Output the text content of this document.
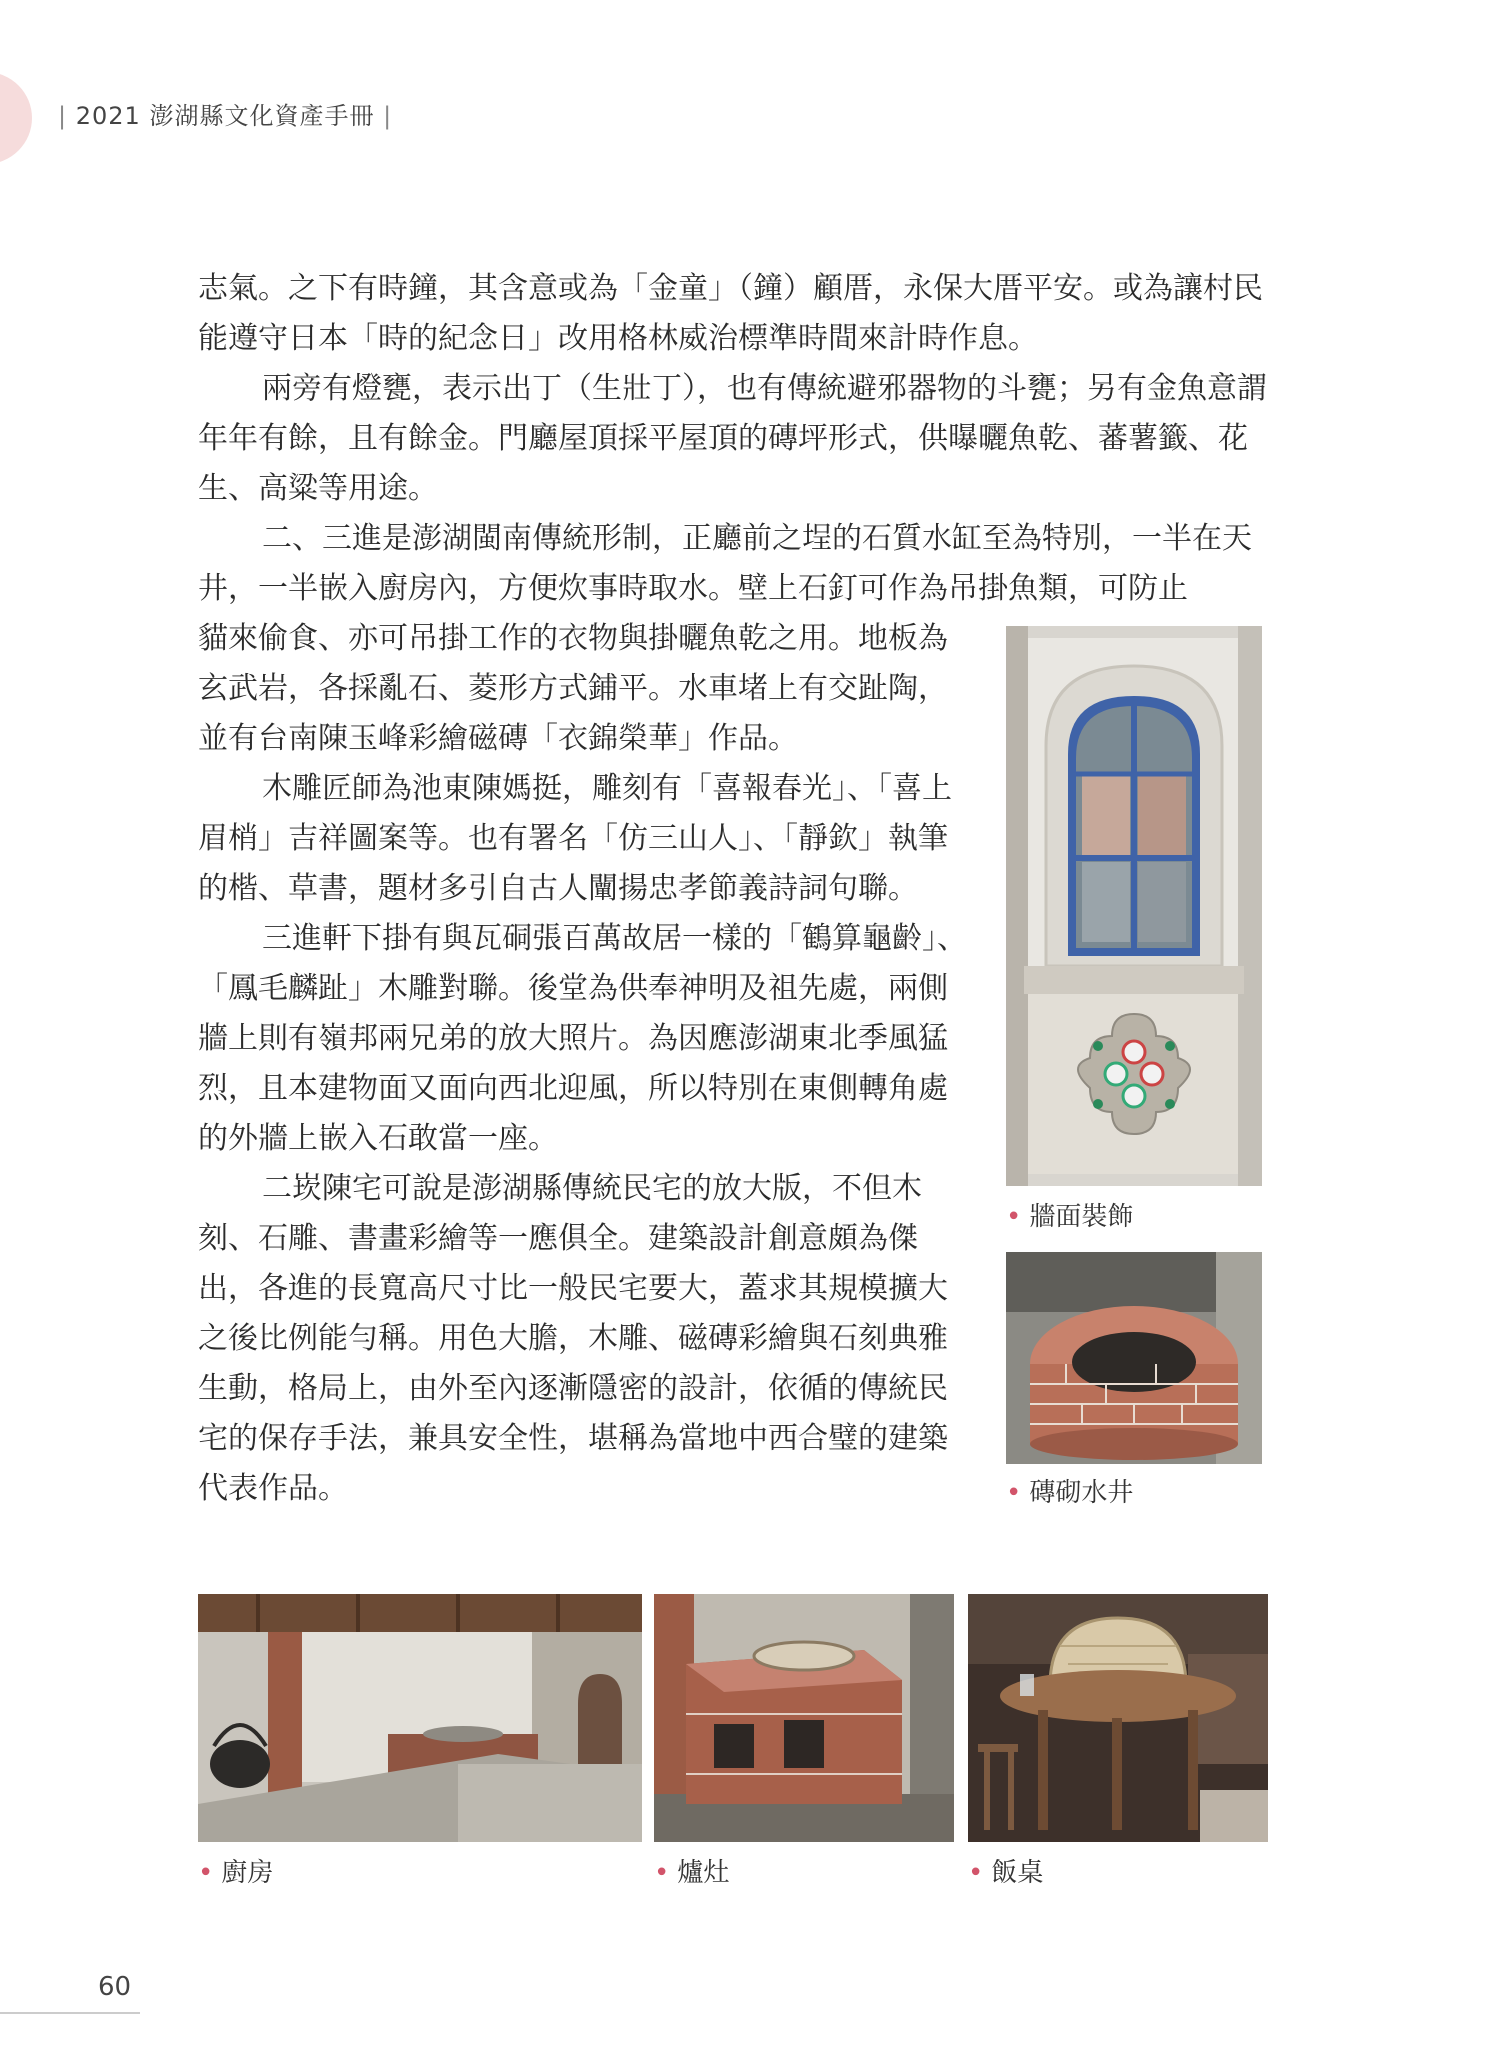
| 2021 澎湖縣文化資產手冊 |

志氣。之下有時鐘，其含意或為「金童」（鐘）顧厝，永保大厝平安。或為讓村民能遵守日本「時的紀念日」改用格林威治標準時間來計時作息。

兩旁有燈甕，表示出丁（生壯丁），也有傳統避邪器物的斗甕；另有金魚意謂年年有餘，且有餘金。門廳屋頂採平屋頂的磚坪形式，供曝曬魚乾、蕃薯籤、花生、高粱等用途。

二、三進是澎湖閩南傳統形制，正廳前之埕的石質水缸至為特別，一半在天井，一半嵌入廚房內，方便炊事時取水。壁上石釘可作為吊掛魚類，可防止

貓來偷食、亦可吊掛工作的衣物與掛曬魚乾之用。地板為玄武岩，各採亂石、菱形方式鋪平。水車堵上有交趾陶，並有台南陳玉峰彩繪磁磚「衣錦榮華」作品。

木雕匠師為池東陳媽挺，雕刻有「喜報春光」、「喜上眉梢」吉祥圖案等。也有署名「仿三山人」、「靜欽」執筆的楷、草書，題材多引自古人闡揚忠孝節義詩詞句聯。

三進軒下掛有與瓦硐張百萬故居一樣的「鶴算龜齡」、「鳳毛麟趾」木雕對聯。後堂為供奉神明及祖先處，兩側牆上則有嶺邦兩兄弟的放大照片。為因應澎湖東北季風猛烈，且本建物面又面向西北迎風，所以特別在東側轉角處的外牆上嵌入石敢當一座。

二崁陳宅可說是澎湖縣傳統民宅的放大版，不但木刻、石雕、書畫彩繪等一應俱全。建築設計創意頗為傑出，各進的長寬高尺寸比一般民宅要大，蓋求其規模擴大之後比例能勻稱。用色大膽，木雕、磁磚彩繪與石刻典雅生動，格局上，由外至內逐漸隱密的設計，依循的傳統民宅的保存手法，兼具安全性，堪稱為當地中西合璧的建築代表作品。

• 牆面裝飾
• 磚砌水井
• 廚房	• 爐灶	• 飯桌
60
